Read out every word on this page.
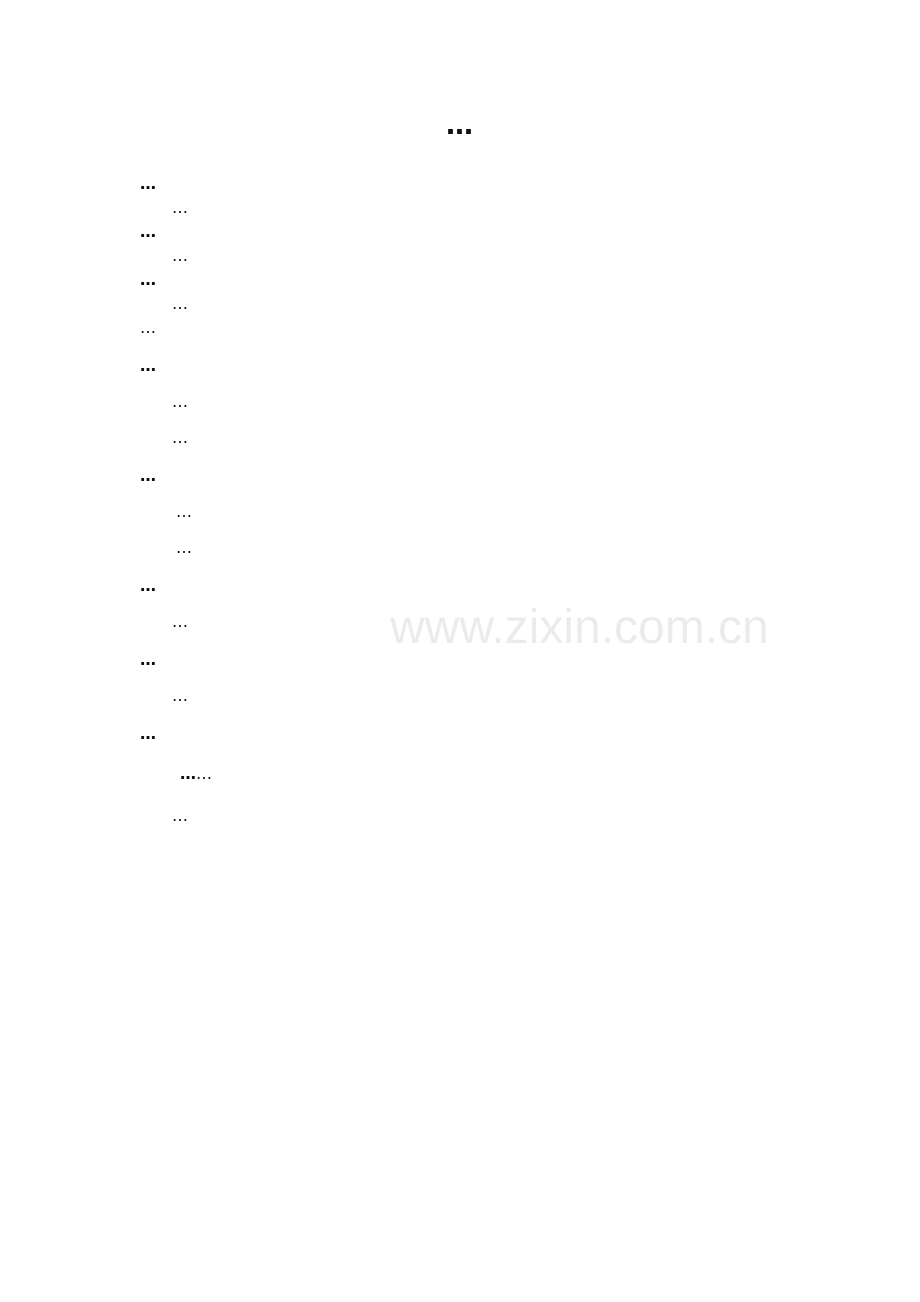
…
www.zixin.com.cn
…
…
…
…
…
…
…
…
…
…
…
…
…
…
…
…
…
…
……
…
